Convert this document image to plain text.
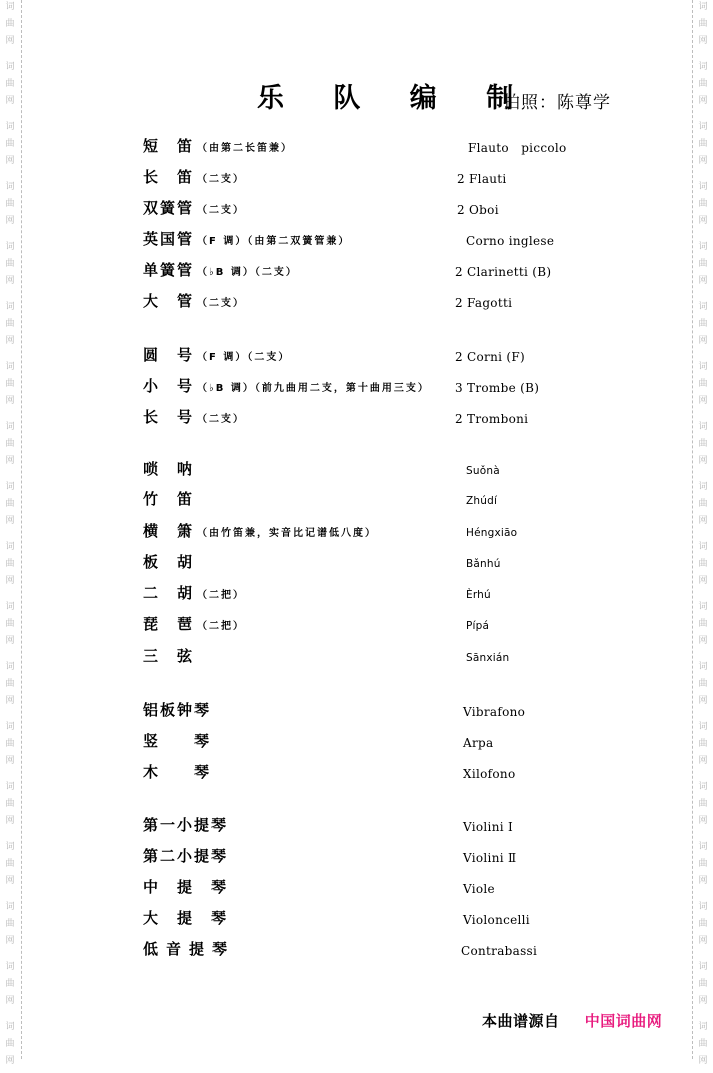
词
曲
网
词
曲
网
词
曲
网
词
曲
网
词
曲
网
词
曲
网
词
曲
网
词
曲
网
词
曲
网
词
曲
网
词
曲
网
词
曲
网
词
曲
网
词
曲
网
词
曲
网
词
曲
网
词
曲
网
词
曲
网
词
曲
网
词
曲
网
词
曲
网
词
曲
网
词
曲
网
词
曲
网
词
曲
网
词
曲
网
词
曲
网
词
曲
网
词
曲
网
词
曲
网
词
曲
网
词
曲
网
词
曲
网
词
曲
网
词
曲
网
词
曲
网
乐 队 编 制
拍照：陈尊学
短　笛 （由第二长笛兼）	Flauto　piccolo
长　笛 （二支）	2 Flauti
双簧管 （二支）	2 Oboi
英国管 （F 调）（由第二双簧管兼）	Corno inglese
单簧管 （♭B 调）（二支）	2 Clarinetti (B)
大　管 （二支）	2 Fagotti
圆　号 （F 调）（二支）	2 Corni (F)
小　号 （♭B 调）（前九曲用二支，第十曲用三支） 3 Trombe (B)
长　号 （二支）	2 Tromboni
唢　呐	Suǒnà
竹　笛	Zhúdí
横　箫 （由竹笛兼，实音比记谱低八度）	Héngxiāo
板　胡	Bǎnhú
二　胡 （二把）	Èrhú
琵　琶 （二把）	Pípá
三　弦	Sānxián
铝板钟琴	Vibrafono
竖　　琴	Arpa
木　　琴	Xilofono
第一小提琴	Violini Ⅰ
第二小提琴	Violini Ⅱ
中　提　琴	Viole
大　提　琴	Violoncelli
低音提琴	Contrabassi
本曲谱源自 中国词曲网
